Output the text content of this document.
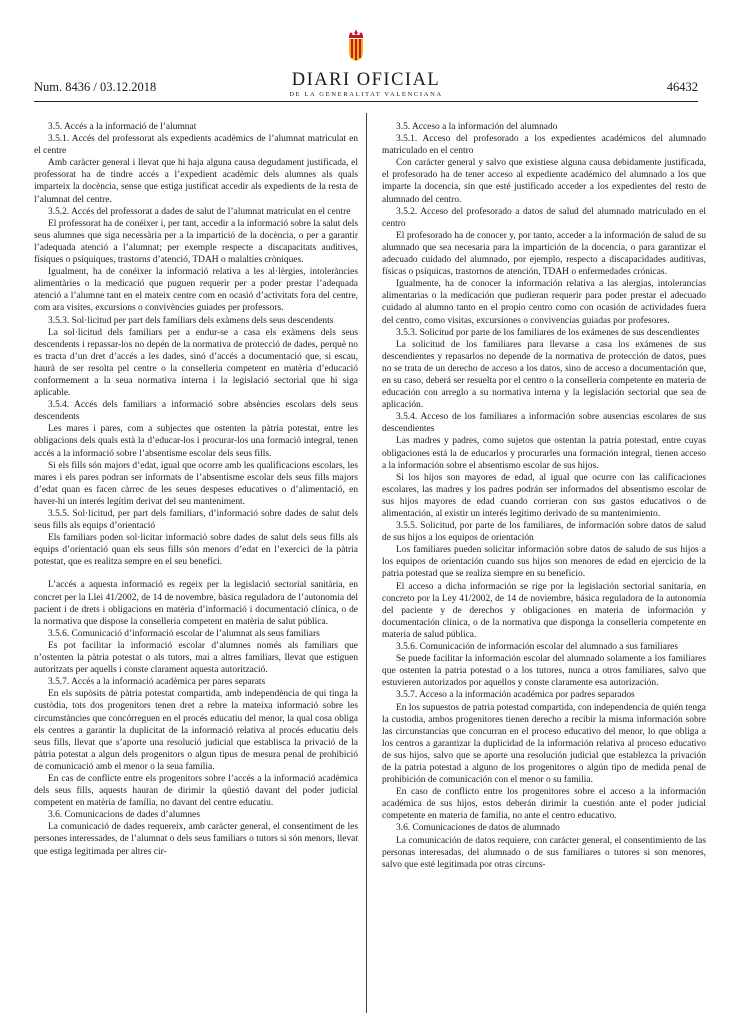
Num. 8436 / 03.12.2018	DIARI OFICIAL
DE LA GENERALITAT VALENCIANA
46432

3.5. Accés a la informació de l’alumnat

3.5.1. Accés del professorat als expedients acadèmics de l’alumnat matriculat en el centre

Amb caràcter general i llevat que hi haja alguna causa degudament justificada, el professorat ha de tindre accés a l’expedient acadèmic dels alumnes als quals imparteix la docència, sense que estiga justificat accedir als expedients de la resta de l’alumnat del centre.

3.5.2. Accés del professorat a dades de salut de l’alumnat matriculat en el centre

El professorat ha de conéixer i, per tant, accedir a la informació sobre la salut dels seus alumnes que siga necessària per a la impartició de la docència, o per a garantir l’adequada atenció a l’alumnat; per exemple respecte a discapacitats auditives, físiques o psíquiques, trastorns d’atenció, TDAH o malalties cròniques.

Igualment, ha de conéixer la informació relativa a les al·lèrgies, intoleràncies alimentàries o la medicació que puguen requerir per a poder prestar l’adequada atenció a l’alumne tant en el mateix centre com en ocasió d’activitats fora del centre, com ara visites, excursions o convivències guiades per professors.

3.5.3. Sol·licitud per part dels familiars dels exàmens dels seus descendents

La sol·licitud dels familiars per a endur-se a casa els exàmens dels seus descendents i repassar-los no depén de la normativa de protecció de dades, perquè no es tracta d’un dret d’accés a les dades, sinó d’accés a documentació que, si escau, haurà de ser resolta pel centre o la conselleria competent en matèria d’educació conformement a la seua normativa interna i la legislació sectorial que hi siga aplicable.

3.5.4. Accés dels familiars a informació sobre absències escolars dels seus descendents

Les mares i pares, com a subjectes que ostenten la pàtria potestat, entre les obligacions dels quals està la d’educar-los i procurar-los una formació integral, tenen accés a la informació sobre l’absentisme escolar dels seus fills.

Si els fills són majors d’edat, igual que ocorre amb les qualificacions escolars, les mares i els pares podran ser informats de l’absentisme escolar dels seus fills majors d’edat quan es facen càrrec de les seues despeses educatives o d’alimentació, en haver-hi un interés legítim derivat del seu manteniment.

3.5.5. Sol·licitud, per part dels familiars, d’informació sobre dades de salut dels seus fills als equips d’orientació

Els familiars poden sol·licitar informació sobre dades de salut dels seus fills als equips d’orientació quan els seus fills són menors d’edat en l’exercici de la pàtria potestat, que es realitza sempre en el seu benefici.

L’accés a aquesta informació es regeix per la legislació sectorial sanitària, en concret per la Llei 41/2002, de 14 de novembre, bàsica reguladora de l’autonomia del pacient i de drets i obligacions en matèria d’informació i documentació clínica, o de la normativa que dispose la conselleria competent en matèria de salut pública.

3.5.6. Comunicació d’informació escolar de l’alumnat als seus familiars

Es pot facilitar la informació escolar d’alumnes només als familiars que n’ostenten la pàtria potestat o als tutors, mai a altres familiars, llevat que estiguen autoritzats per aquells i conste clarament aquesta autorització.

3.5.7. Accés a la informació acadèmica per pares separats

En els supòsits de pàtria potestat compartida, amb independència de qui tinga la custòdia, tots dos progenitors tenen dret a rebre la mateixa informació sobre les circumstàncies que concórreguen en el procés educatiu del menor, la qual cosa obliga els centres a garantir la duplicitat de la informació relativa al procés educatiu dels seus fills, llevat que s’aporte una resolució judicial que establisca la privació de la pàtria potestat a algun dels progenitors o algun tipus de mesura penal de prohibició de comunicació amb el menor o la seua família.

En cas de conflicte entre els progenitors sobre l’accés a la informació acadèmica dels seus fills, aquests hauran de dirimir la qüestió davant del poder judicial competent en matèria de família, no davant del centre educatiu.

3.6. Comunicacions de dades d’alumnes

La comunicació de dades requereix, amb caràcter general, el consentiment de les persones interessades, de l’alumnat o dels seus familiars o tutors si són menors, llevat que estiga legitimada per altres cir-

3.5. Acceso a la información del alumnado

3.5.1. Acceso del profesorado a los expedientes académicos del alumnado matriculado en el centro

Con carácter general y salvo que existiese alguna causa debidamente justificada, el profesorado ha de tener acceso al expediente académico del alumnado a los que imparte la docencia, sin que esté justificado acceder a los expedientes del resto de alumnado del centro.

3.5.2. Acceso del profesorado a datos de salud del alumnado matriculado en el centro

El profesorado ha de conocer y, por tanto, acceder a la información de salud de su alumnado que sea necesaria para la impartición de la docencia, o para garantizar el adecuado cuidado del alumnado, por ejemplo, respecto a discapacidades auditivas, físicas o psíquicas, trastornos de atención, TDAH o enfermedades crónicas.

Igualmente, ha de conocer la información relativa a las alergias, intolerancias alimentarias o la medicación que pudieran requerir para poder prestar el adecuado cuidado al alumno tanto en el propio centro como con ocasión de actividades fuera del centro, como visitas, excursiones o convivencias guiadas por profesores.

3.5.3. Solicitud por parte de los familiares de los exámenes de sus descendientes

La solicitud de los familiares para llevarse a casa los exámenes de sus descendientes y repasarlos no depende de la normativa de protección de datos, pues no se trata de un derecho de acceso a los datos, sino de acceso a documentación que, en su caso, deberá ser resuelta por el centro o la conselleria competente en materia de educación con arreglo a su normativa interna y la legislación sectorial que sea de aplicación.

3.5.4. Acceso de los familiares a información sobre ausencias escolares de sus descendientes

Las madres y padres, como sujetos que ostentan la patria potestad, entre cuyas obligaciones está la de educarlos y procurarles una formación integral, tienen acceso a la información sobre el absentismo escolar de sus hijos.

Si los hijos son mayores de edad, al igual que ocurre con las calificaciones escolares, las madres y los padres podrán ser informados del absentismo escolar de sus hijos mayores de edad cuando corrieran con sus gastos educativos o de alimentación, al existir un interés legítimo derivado de su mantenimiento.

3.5.5. Solicitud, por parte de los familiares, de información sobre datos de salud de sus hijos a los equipos de orientación

Los familiares pueden solicitar información sobre datos de saludo de sus hijos a los equipos de orientación cuando sus hijos son menores de edad en ejercicio de la patria potestad que se realiza siempre en su beneficio.

El acceso a dicha información se rige por la legislación sectorial sanitaria, en concreto por la Ley 41/2002, de 14 de noviembre, básica reguladora de la autonomía del paciente y de derechos y obligaciones en materia de información y documentación clínica, o de la normativa que disponga la conselleria competente en materia de salud pública.

3.5.6. Comunicación de información escolar del alumnado a sus familiares

Se puede facilitar la información escolar del alumnado solamente a los familiares que ostenten la patria potestad o a los tutores, nunca a otros familiares, salvo que estuvieren autorizados por aquellos y conste claramente esa autorización.

3.5.7. Acceso a la información académica por padres separados

En los supuestos de patria potestad compartida, con independencia de quién tenga la custodia, ambos progenitores tienen derecho a recibir la misma información sobre las circunstancias que concurran en el proceso educativo del menor, lo que obliga a los centros a garantizar la duplicidad de la información relativa al proceso educativo de sus hijos, salvo que se aporte una resolución judicial que establezca la privación de la patria potestad a alguno de los progenitores o algún tipo de medida penal de prohibición de comunicación con el menor o su familia.

En caso de conflicto entre los progenitores sobre el acceso a la información académica de sus hijos, estos deberán dirimir la cuestión ante el poder judicial competente en materia de familia, no ante el centro educativo.

3.6. Comunicaciones de datos de alumnado

La comunicación de datos requiere, con carácter general, el consentimiento de las personas interesadas, del alumnado o de sus familiares o tutores si son menores, salvo que esté legitimada por otras circuns-
